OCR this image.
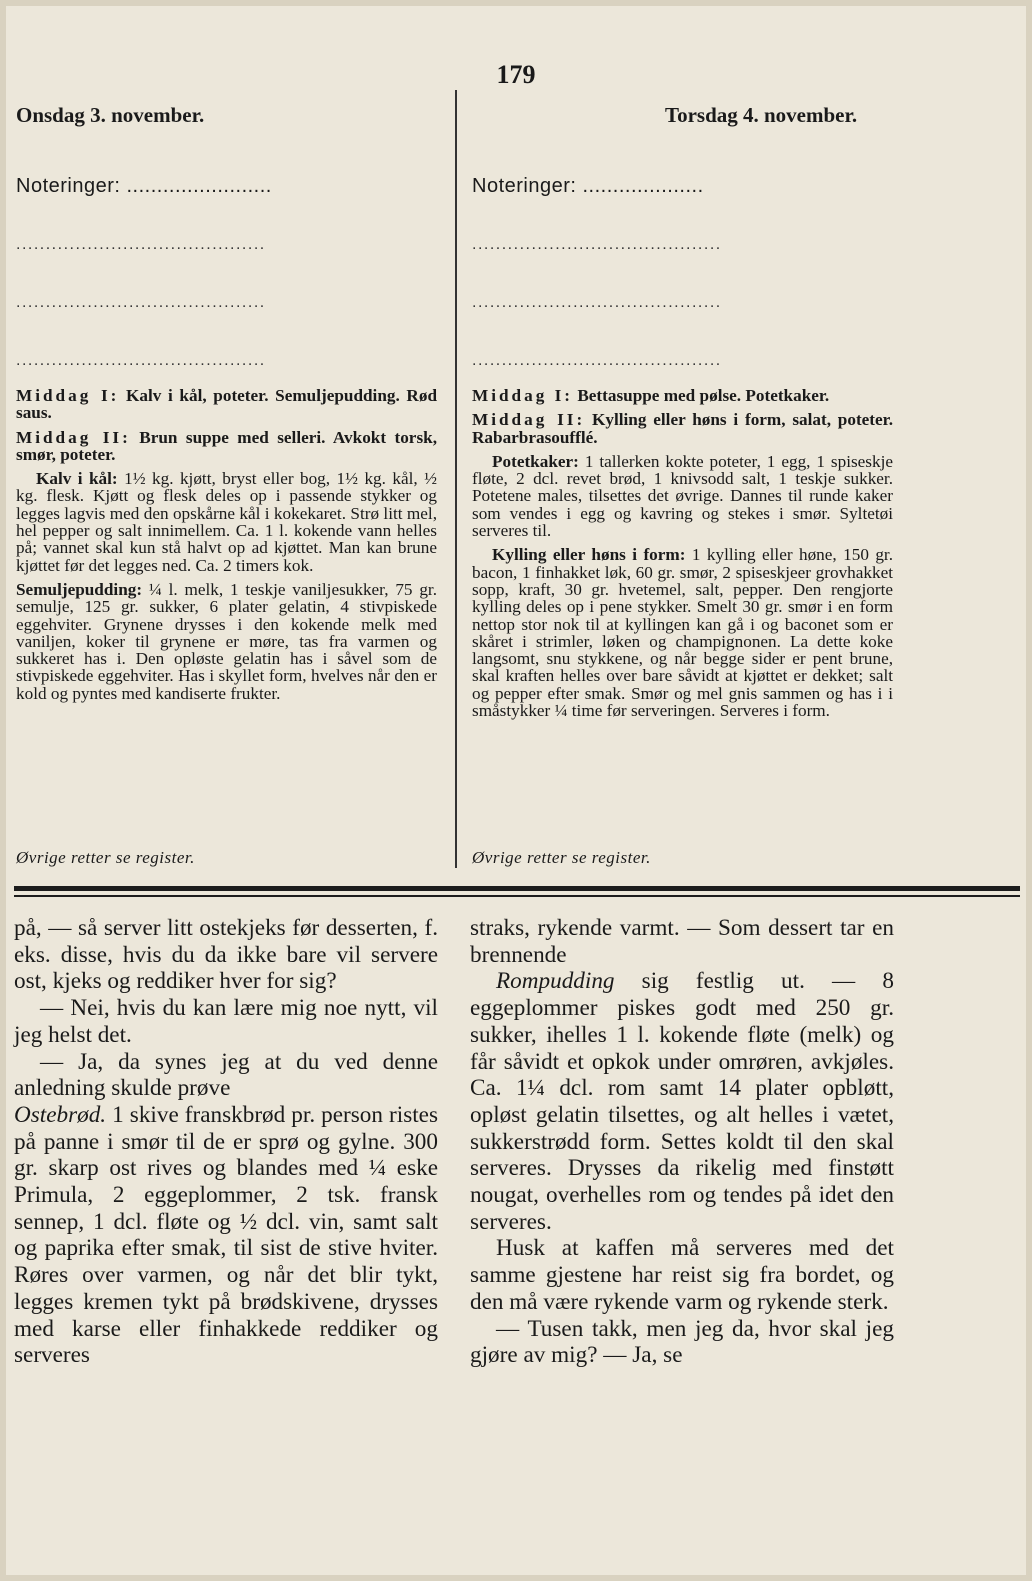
179
Onsdag 3. november.	Torsdag 4. november.
Noteringer: ........................
..........................................
..........................................
..........................................
Noteringer: ....................
..........................................
..........................................
..........................................

Middag I: Kalv i kål, poteter. Semuljepudding. Rød saus.

Middag II: Brun suppe med selleri. Avkokt torsk, smør, poteter.

Kalv i kål: 1½ kg. kjøtt, bryst eller bog, 1½ kg. kål, ½ kg. flesk. Kjøtt og flesk deles op i passende stykker og legges lagvis med den opskårne kål i kokekaret. Strø litt mel, hel pepper og salt innimellem. Ca. 1 l. kokende vann helles på; vannet skal kun stå halvt op ad kjøttet. Man kan brune kjøttet før det legges ned. Ca. 2 timers kok.

Semuljepudding: ¼ l. melk, 1 teskje vaniljesukker, 75 gr. semulje, 125 gr. sukker, 6 plater gelatin, 4 stivpiskede eggehviter. Grynene drysses i den kokende melk med vaniljen, koker til grynene er møre, tas fra varmen og sukkeret has i. Den opløste gelatin has i såvel som de stivpiskede eggehviter. Has i skyllet form, hvelves når den er kold og pyntes med kandiserte frukter.

Middag I: Bettasuppe med pølse. Potetkaker.

Middag II: Kylling eller høns i form, salat, poteter. Rabarbrasoufflé.

Potetkaker: 1 tallerken kokte poteter, 1 egg, 1 spiseskje fløte, 2 dcl. revet brød, 1 knivsodd salt, 1 teskje sukker. Potetene males, tilsettes det øvrige. Dannes til runde kaker som vendes i egg og kavring og stekes i smør. Syltetøi serveres til.

Kylling eller høns i form: 1 kylling eller høne, 150 gr. bacon, 1 finhakket løk, 60 gr. smør, 2 spiseskjeer grovhakket sopp, kraft, 30 gr. hvetemel, salt, pepper. Den rengjorte kylling deles op i pene stykker. Smelt 30 gr. smør i en form nettop stor nok til at kyllingen kan gå i og baconet som er skåret i strimler, løken og champignonen. La dette koke langsomt, snu stykkene, og når begge sider er pent brune, skal kraften helles over bare såvidt at kjøttet er dekket; salt og pepper efter smak. Smør og mel gnis sammen og has i i småstykker ¼ time før serveringen. Serveres i form.

Øvrige retter se register.	Øvrige retter se register.

på, — så server litt ostekjeks før desserten, f. eks. disse, hvis du da ikke bare vil servere ost, kjeks og reddiker hver for sig?

— Nei, hvis du kan lære mig noe nytt, vil jeg helst det.

— Ja, da synes jeg at du ved denne anledning skulde prøve

Ostebrød. 1 skive franskbrød pr. person ristes på panne i smør til de er sprø og gylne. 300 gr. skarp ost rives og blandes med ¼ eske Primula, 2 eggeplommer, 2 tsk. fransk sennep, 1 dcl. fløte og ½ dcl. vin, samt salt og paprika efter smak, til sist de stive hviter. Røres over varmen, og når det blir tykt, legges kremen tykt på brødskivene, drysses med karse eller finhakkede reddiker og serveres

straks, rykende varmt. — Som dessert tar en brennende

Rompudding sig festlig ut. — 8 eggeplommer piskes godt med 250 gr. sukker, ihelles 1 l. kokende fløte (melk) og får såvidt et opkok under omrøren, avkjøles. Ca. 1¼ dcl. rom samt 14 plater opbløtt, opløst gelatin tilsettes, og alt helles i vætet, sukkerstrødd form. Settes koldt til den skal serveres. Drysses da rikelig med finstøtt nougat, overhelles rom og tendes på idet den serveres.

Husk at kaffen må serveres med det samme gjestene har reist sig fra bordet, og den må være rykende varm og rykende sterk.

— Tusen takk, men jeg da, hvor skal jeg gjøre av mig? — Ja, se
